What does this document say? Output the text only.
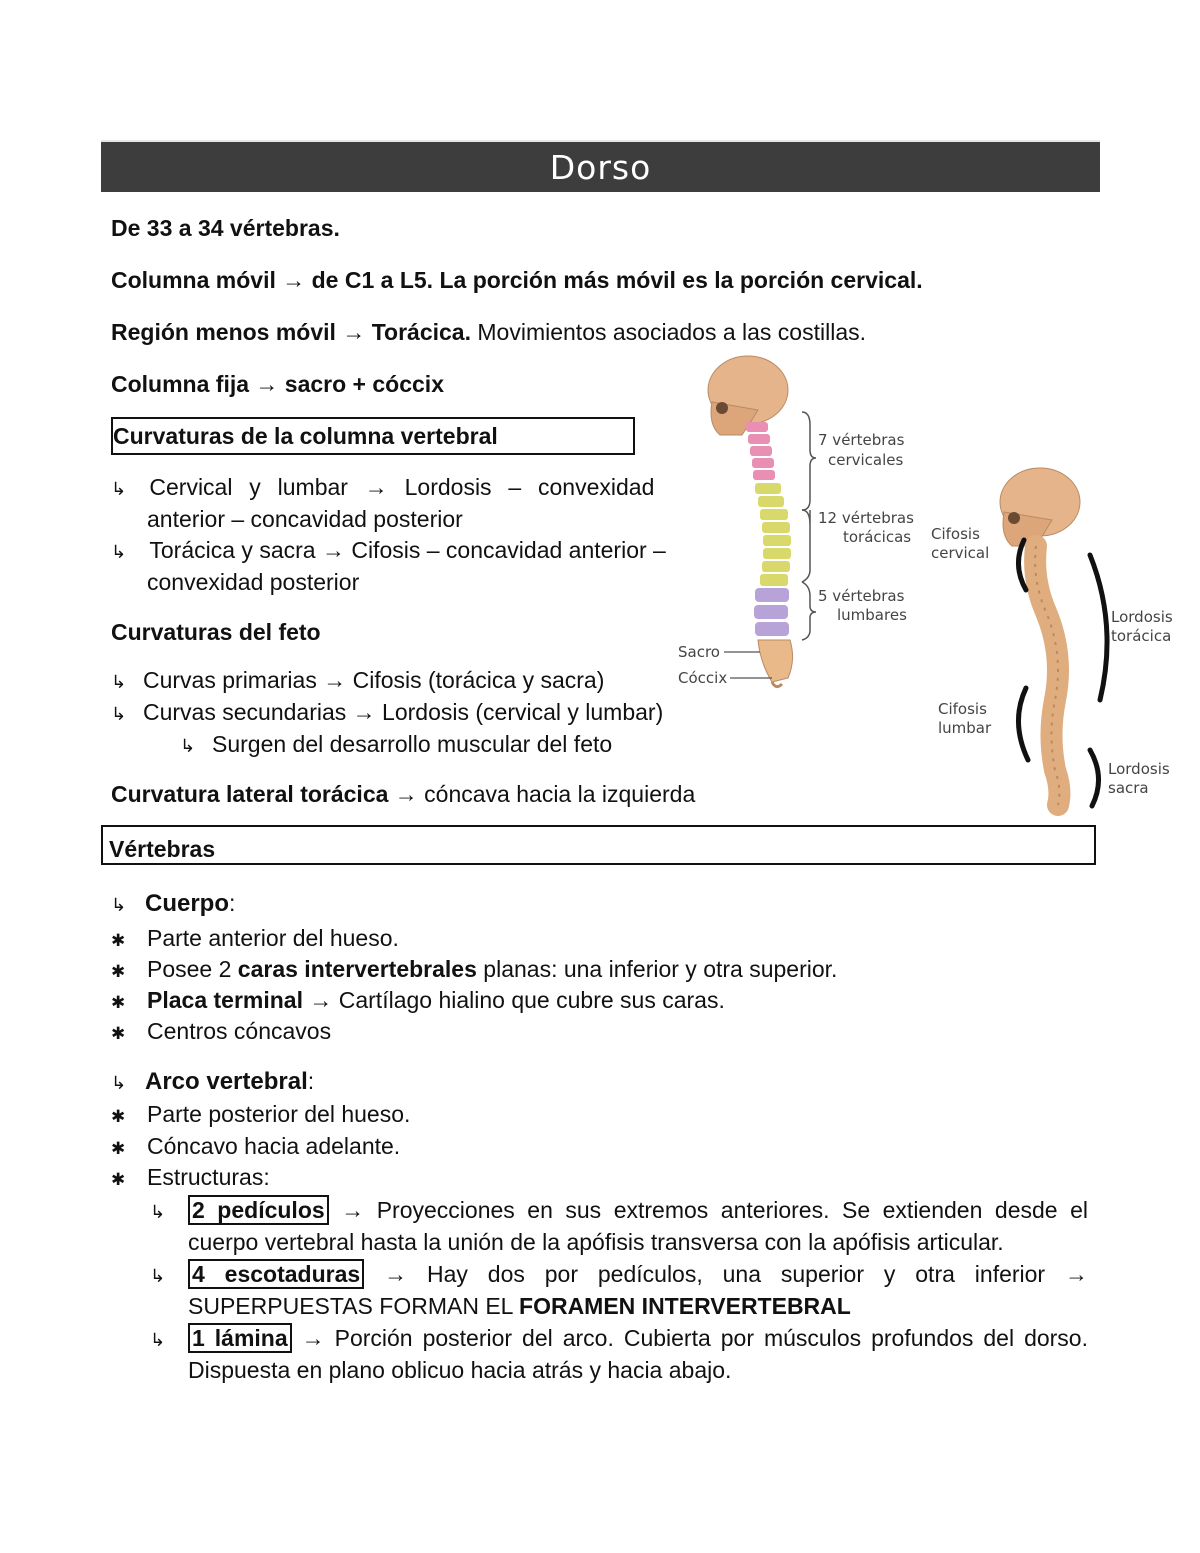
Dorso
De 33 a 34 vértebras.
Columna móvil → de C1 a L5. La porción más móvil es la porción cervical.
Región menos móvil → Torácica. Movimientos asociados a las costillas.
Columna fija → sacro + cóccix
Curvaturas de la columna vertebral
↳ Cervical y lumbar → Lordosis – convexidad
anterior – concavidad posterior
↳ Torácica y sacra → Cifosis – concavidad anterior –
convexidad posterior
Curvaturas del feto
↳ Curvas primarias → Cifosis (torácica y sacra)
↳ Curvas secundarias → Lordosis (cervical y lumbar)
↳ Surgen del desarrollo muscular del feto
Curvatura lateral torácica → cóncava hacia la izquierda
Vértebras
↳ Cuerpo:
✱ Parte anterior del hueso.
✱ Posee 2 caras intervertebrales planas: una inferior y otra superior.
✱ Placa terminal → Cartílago hialino que cubre sus caras.
✱ Centros cóncavos
↳ Arco vertebral:
✱ Parte posterior del hueso.
✱ Cóncavo hacia adelante.
✱ Estructuras:
↳	2 pedículos → Proyecciones en sus extremos anteriores. Se extienden desde el cuerpo vertebral hasta la unión de la apófisis transversa con la apófisis articular.
↳	4 escotaduras → Hay dos por pedículos, una superior y otra inferior → SUPERPUESTAS FORMAN EL FORAMEN INTERVERTEBRAL
↳	1 lámina → Porción posterior del arco. Cubierta por músculos profundos del dorso. Dispuesta en plano oblicuo hacia atrás y hacia abajo.
7 vértebras
cervicales
12 vértebras
torácicas
5 vértebras
lumbares
Sacro
Cóccix
Cifosis
cervical
Lordosis
torácica
Cifosis
lumbar
Lordosis
sacra
